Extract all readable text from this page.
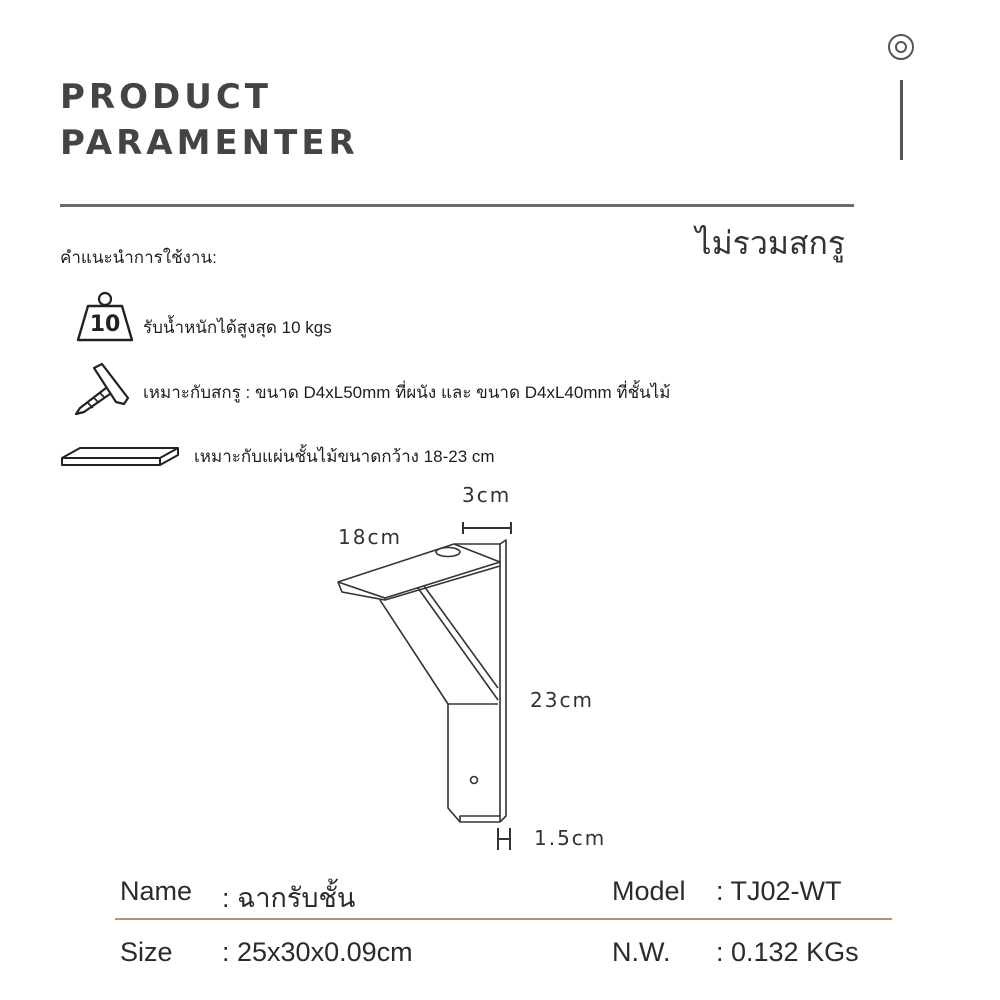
PRODUCT
PARAMENTER
ไม่รวมสกรู
คำแนะนำการใช้งาน:
10	รับน้ำหนักได้สูงสุด 10 kgs
เหมาะกับสกรู : ขนาด D4xL50mm ที่ผนัง และ ขนาด D4xL40mm ที่ชั้นไม้
เหมาะกับแผ่นชั้นไม้ขนาดกว้าง 18-23 cm
3cm
18cm
23cm
1.5cm
Name : ฉากรับชั้น	Model : TJ02-WT
Size : 25x30x0.09cm	N.W. : 0.132 KGs
